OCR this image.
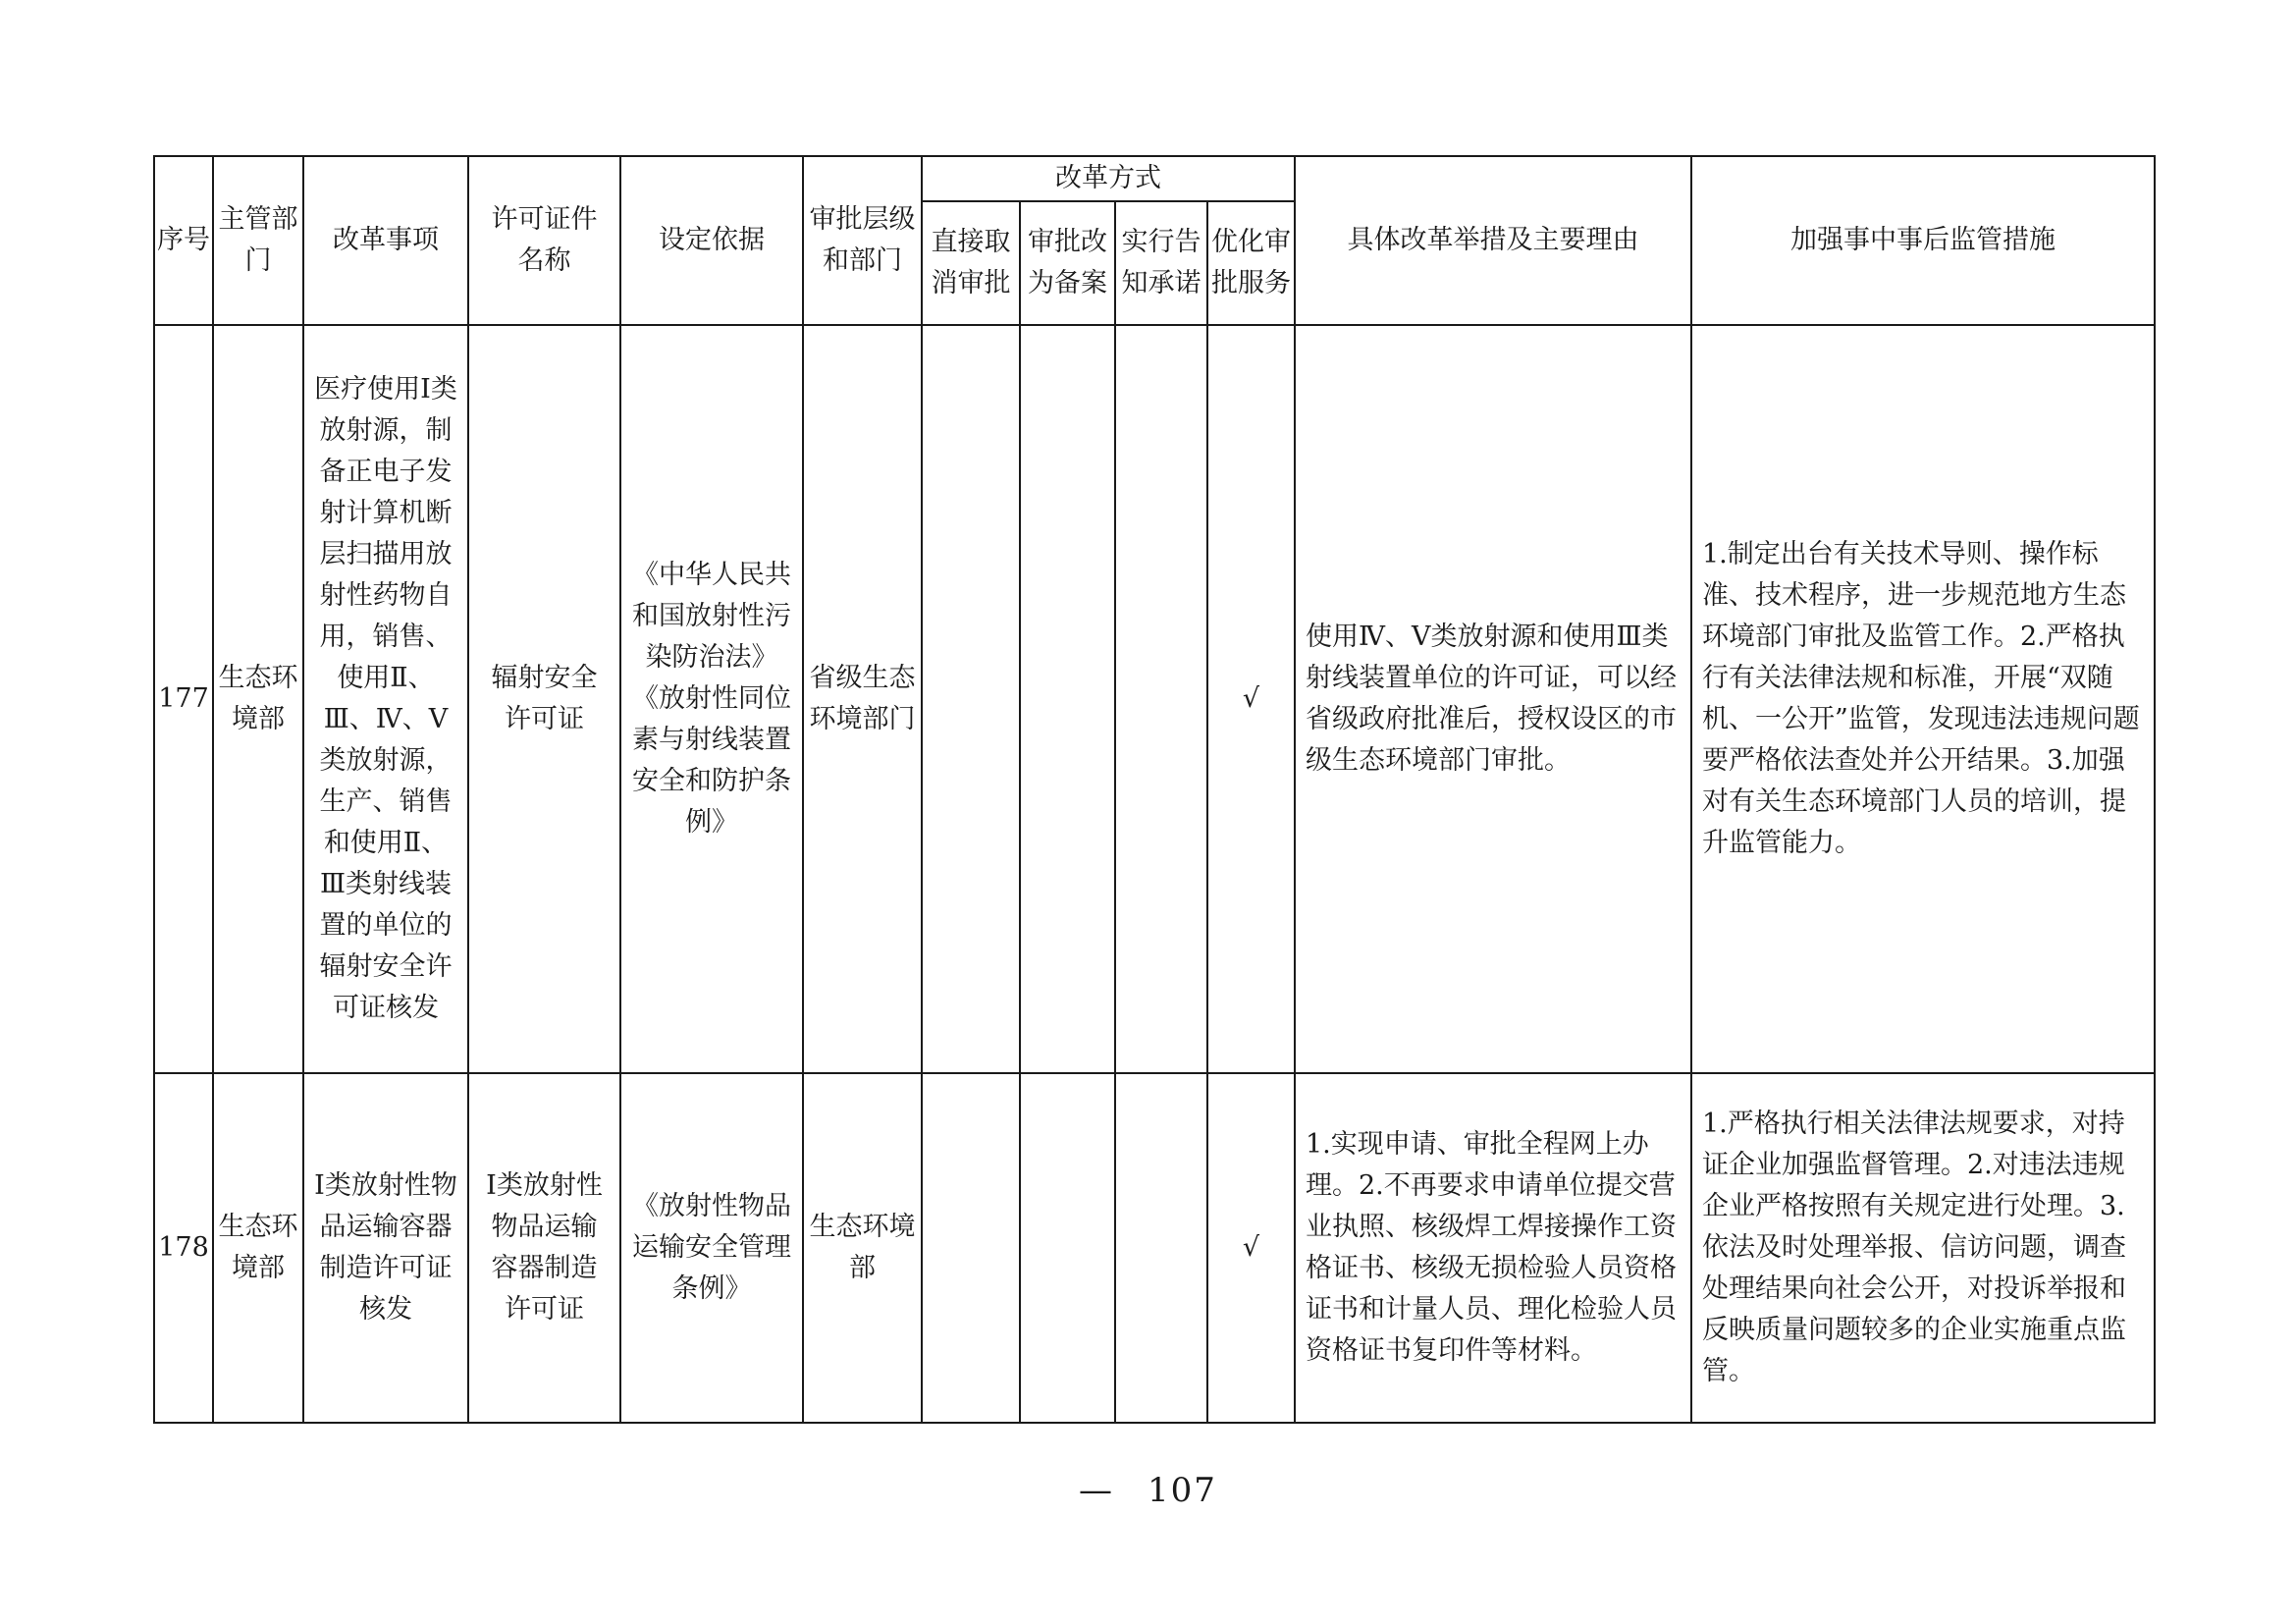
序号	主管部门	改革事项	许可证件名称	设定依据	审批层级和部门	改革方式				具体改革举措及主要理由	加强事中事后监管措施
						直接取消审批	审批改为备案	实行告知承诺	优化审批服务		
177	生态环境部	医疗使用Ⅰ类放射源，制备正电子发射计算机断层扫描用放射性药物自用，销售、使用Ⅱ、Ⅲ、Ⅳ、Ⅴ类放射源，生产、销售和使用Ⅱ、Ⅲ类射线装置的单位的辐射安全许可证核发	辐射安全许可证	《中华人民共和国放射性污染防治法》《放射性同位素与射线装置安全和防护条例》	省级生态环境部门				√	使用Ⅳ、Ⅴ类放射源和使用Ⅲ类射线装置单位的许可证，可以经省级政府批准后，授权设区的市级生态环境部门审批。	1.制定出台有关技术导则、操作标准、技术程序，进一步规范地方生态环境部门审批及监管工作。2.严格执行有关法律法规和标准，开展“双随机、一公开”监管，发现违法违规问题要严格依法查处并公开结果。3.加强对有关生态环境部门人员的培训，提升监管能力。
178	生态环境部	Ⅰ类放射性物品运输容器制造许可证核发	Ⅰ类放射性物品运输容器制造许可证	《放射性物品运输安全管理条例》	生态环境部				√	1.实现申请、审批全程网上办理。2.不再要求申请单位提交营业执照、核级焊工焊接操作工资格证书、核级无损检验人员资格证书和计量人员、理化检验人员资格证书复印件等材料。	1.严格执行相关法律法规要求，对持证企业加强监督管理。2.对违法违规企业严格按照有关规定进行处理。3.依法及时处理举报、信访问题，调查处理结果向社会公开，对投诉举报和反映质量问题较多的企业实施重点监管。
— 107
